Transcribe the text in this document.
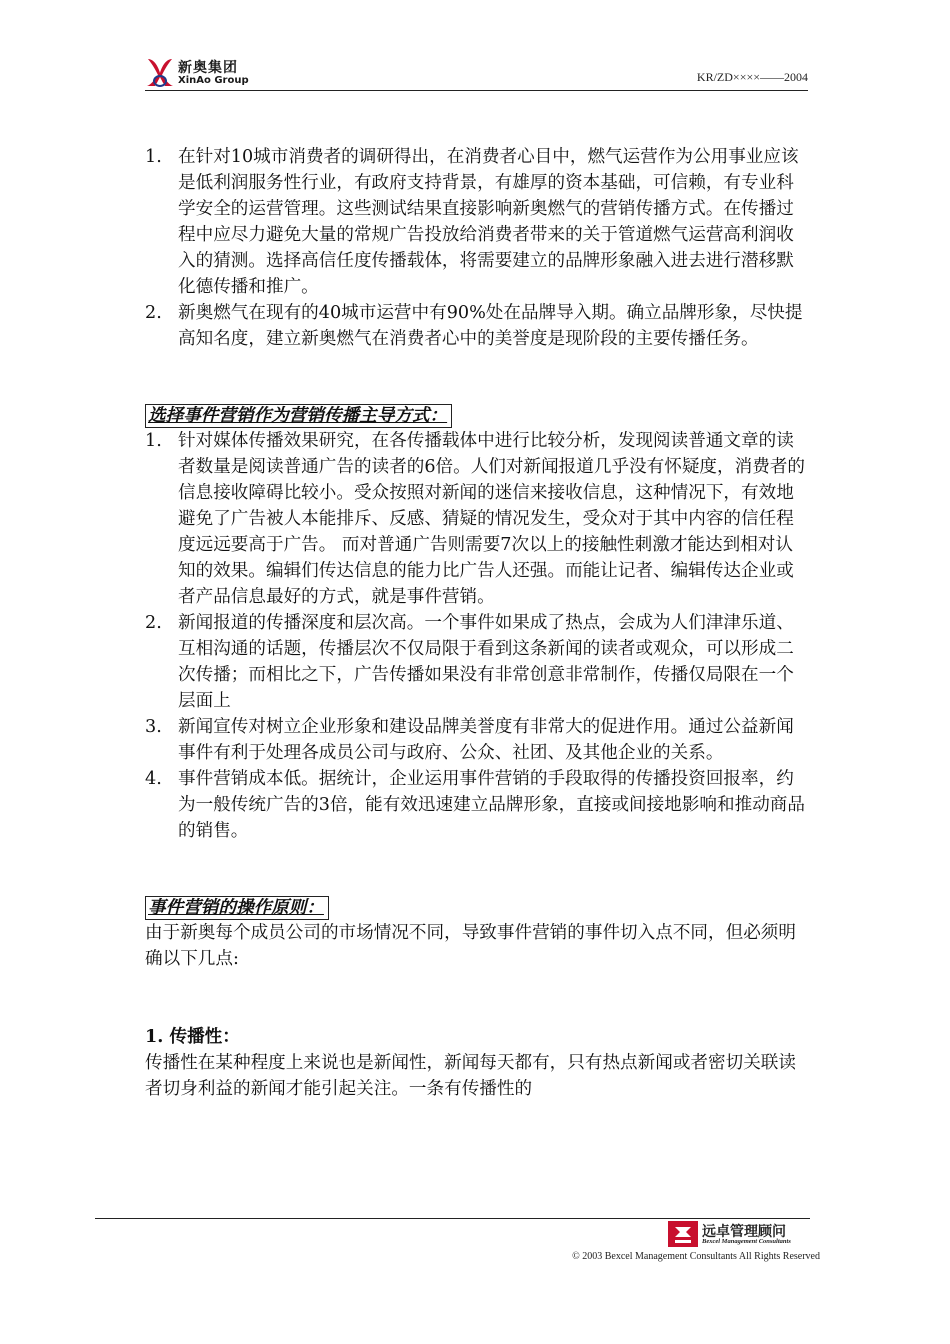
新奥集团
XinAo Group	KR/ZD××××——2004
1. 在针对10城市消费者的调研得出，在消费者心目中，燃气运营作为公用事业应该是低利润服务性行业，有政府支持背景，有雄厚的资本基础，可信赖，有专业科学安全的运营管理。这些测试结果直接影响新奥燃气的营销传播方式。在传播过程中应尽力避免大量的常规广告投放给消费者带来的关于管道燃气运营高利润收入的猜测。选择高信任度传播载体，将需要建立的品牌形象融入进去进行潜移默化德传播和推广。
2. 新奥燃气在现有的40城市运营中有90%处在品牌导入期。确立品牌形象，尽快提高知名度，建立新奥燃气在消费者心中的美誉度是现阶段的主要传播任务。
选择事件营销作为营销传播主导方式：
1. 针对媒体传播效果研究，在各传播载体中进行比较分析，发现阅读普通文章的读者数量是阅读普通广告的读者的6倍。人们对新闻报道几乎没有怀疑度，消费者的信息接收障碍比较小。受众按照对新闻的迷信来接收信息，这种情况下，有效地避免了广告被人本能排斥、反感、猜疑的情况发生，受众对于其中内容的信任程度远远要高于广告。 而对普通广告则需要7次以上的接触性刺激才能达到相对认知的效果。编辑们传达信息的能力比广告人还强。而能让记者、编辑传达企业或者产品信息最好的方式，就是事件营销。
2. 新闻报道的传播深度和层次高。一个事件如果成了热点，会成为人们津津乐道、互相沟通的话题，传播层次不仅局限于看到这条新闻的读者或观众，可以形成二次传播；而相比之下，广告传播如果没有非常创意非常制作，传播仅局限在一个层面上
3. 新闻宣传对树立企业形象和建设品牌美誉度有非常大的促进作用。通过公益新闻事件有利于处理各成员公司与政府、公众、社团、及其他企业的关系。
4. 事件营销成本低。据统计，企业运用事件营销的手段取得的传播投资回报率，约为一般传统广告的3倍，能有效迅速建立品牌形象，直接或间接地影响和推动商品的销售。
事件营销的操作原则：
由于新奥每个成员公司的市场情况不同，导致事件营销的事件切入点不同，但必须明确以下几点:
1. 传播性：
传播性在某种程度上来说也是新闻性，新闻每天都有，只有热点新闻或者密切关联读者切身利益的新闻才能引起关注。一条有传播性的
远卓管理顾问
Bexcel Management Consultants
© 2003 Bexcel Management Consultants All Rights Reserved
